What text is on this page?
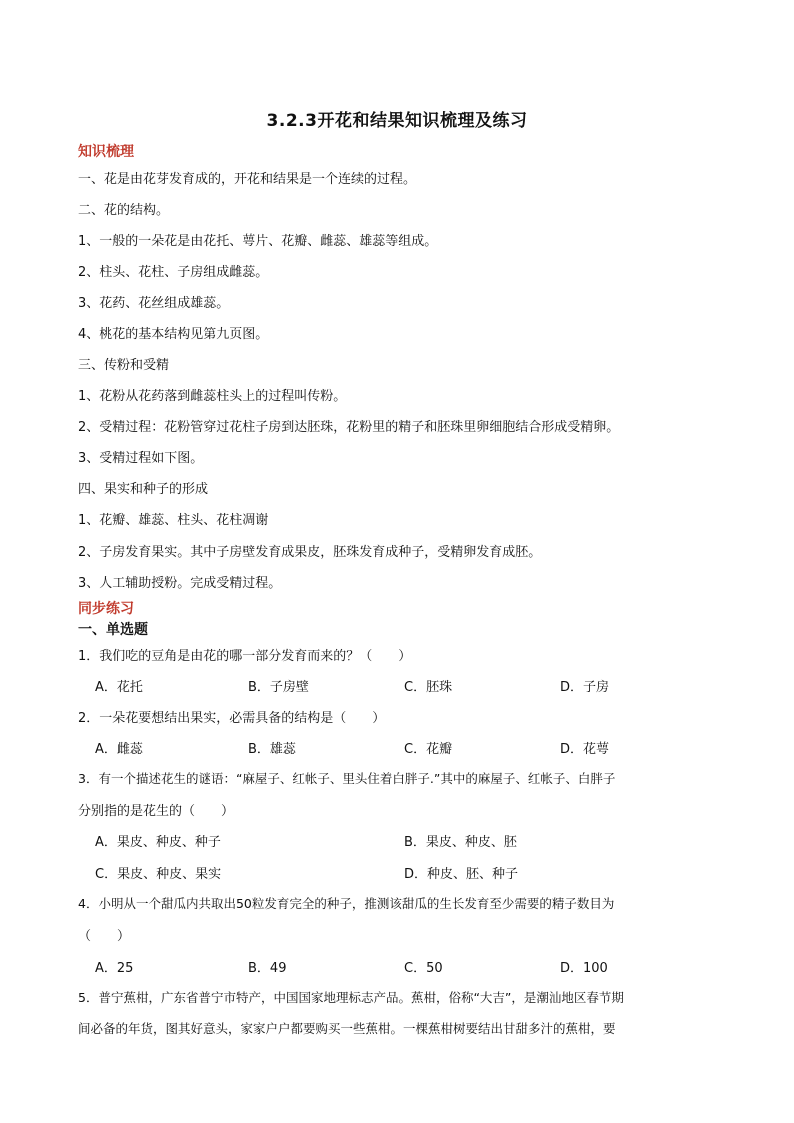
3.2.3开花和结果知识梳理及练习
知识梳理
一、花是由花芽发育成的，开花和结果是一个连续的过程。
二、花的结构。
1、一般的一朵花是由花托、萼片、花瓣、雌蕊、雄蕊等组成。
2、柱头、花柱、子房组成雌蕊。
3、花药、花丝组成雄蕊。
4、桃花的基本结构见第九页图。
三、传粉和受精
1、花粉从花药落到雌蕊柱头上的过程叫传粉。
2、受精过程：花粉管穿过花柱子房到达胚珠，花粉里的精子和胚珠里卵细胞结合形成受精卵。
3、受精过程如下图。
四、果实和种子的形成
1、花瓣、雄蕊、柱头、花柱凋谢
2、子房发育果实。其中子房壁发育成果皮，胚珠发育成种子，受精卵发育成胚。
3、人工辅助授粉。完成受精过程。
同步练习
一、单选题
1．我们吃的豆角是由花的哪一部分发育而来的？（　　）
A．花托	B．子房壁	C．胚珠	D．子房
2．一朵花要想结出果实，必需具备的结构是（　　）
A．雌蕊	B．雄蕊	C．花瓣	D．花萼
3．有一个描述花生的谜语：“麻屋子、红帐子、里头住着白胖子.”其中的麻屋子、红帐子、白胖子
分别指的是花生的（　　）
A．果皮、种皮、种子	B．果皮、种皮、胚
C．果皮、种皮、果实	D．种皮、胚、种子
4．小明从一个甜瓜内共取出50粒发育完全的种子，推测该甜瓜的生长发育至少需要的精子数目为
（　　）
A．25	B．49	C．50	D．100
5．普宁蕉柑，广东省普宁市特产，中国国家地理标志产品。蕉柑，俗称“大吉”，是潮汕地区春节期
间必备的年货，图其好意头，家家户户都要购买一些蕉柑。一棵蕉柑树要结出甘甜多汁的蕉柑，要
